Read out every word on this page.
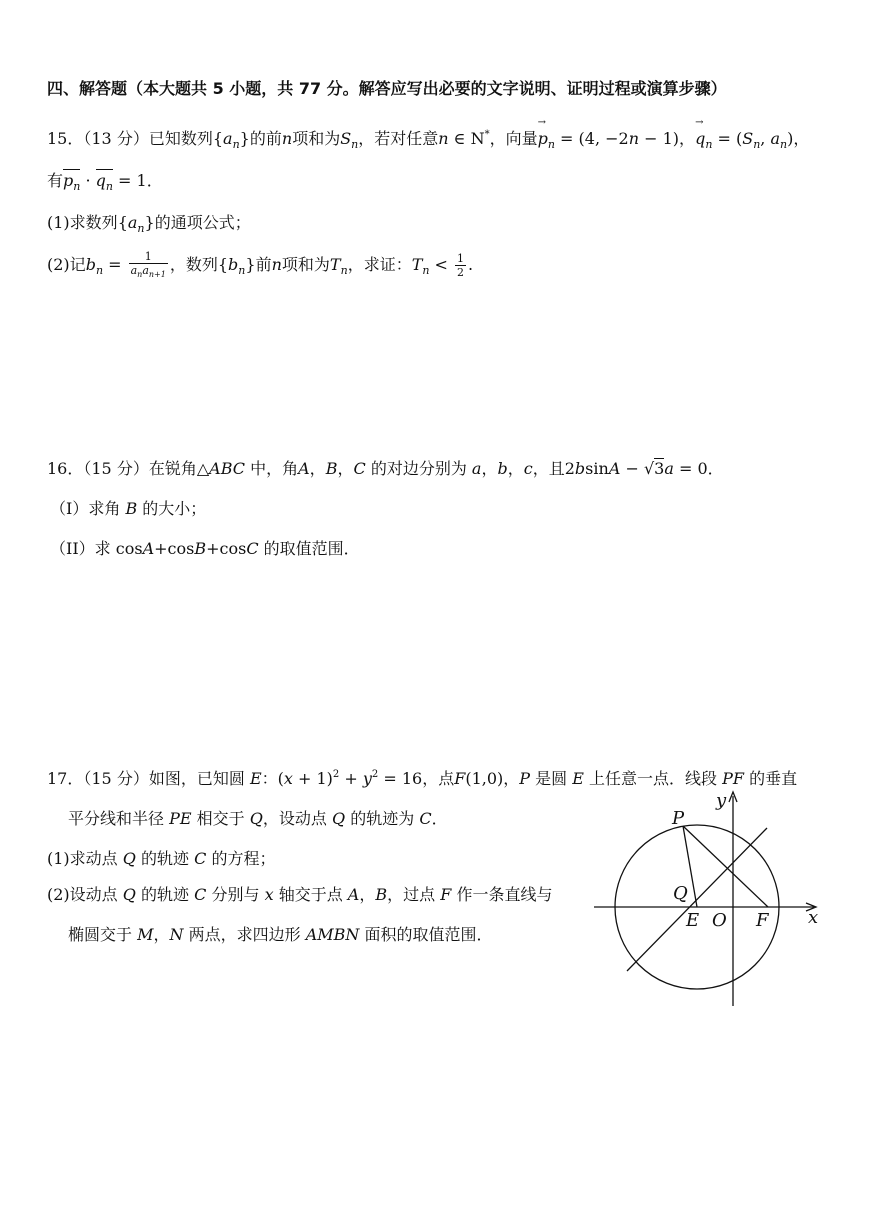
四、解答题（本大题共 5 小题，共 77 分。解答应写出必要的文字说明、证明过程或演算步骤）
15．（13 分）已知数列$\{a_n\}$的前n项和为$S_n$，若对任意n ∈ N*，向量→ $p_n = (4$, −2n − 1)，→ $q_n = (S_n$, $a_n$)，
有$p_n \cdot q_n = 1$．
(1)求数列$\{a_n\}$的通项公式；
(2)记$b_n = \frac{1}{a_na_{n+1}}$ ，数列$\{b_n\}$前n项和为$T_n$，求证：$T_n < \frac{1}{2}$ .
16．（15 分）在锐角△ABC 中，角A，B，C 的对边分别为 a，b，c，且2bsinA − √3a = 0．
（I）求角 B 的大小；
（II）求 cosA+cosB+cosC 的取值范围．
17．（15 分）如图，已知圆 E：$(x + 1)^2 + y^2 = 16$，点F(1,0)，P 是圆 E 上任意一点．线段 PF 的垂直
平分线和半径 PE 相交于 Q，设动点 Q 的轨迹为 C．
(1)求动点 Q 的轨迹 C 的方程；
(2)设动点 Q 的轨迹 C 分别与 x 轴交于点 A，B，过点 F 作一条直线与
椭圆交于 M，N 两点，求四边形 AMBN 面积的取值范围．
y
x
P
Q
E O F
